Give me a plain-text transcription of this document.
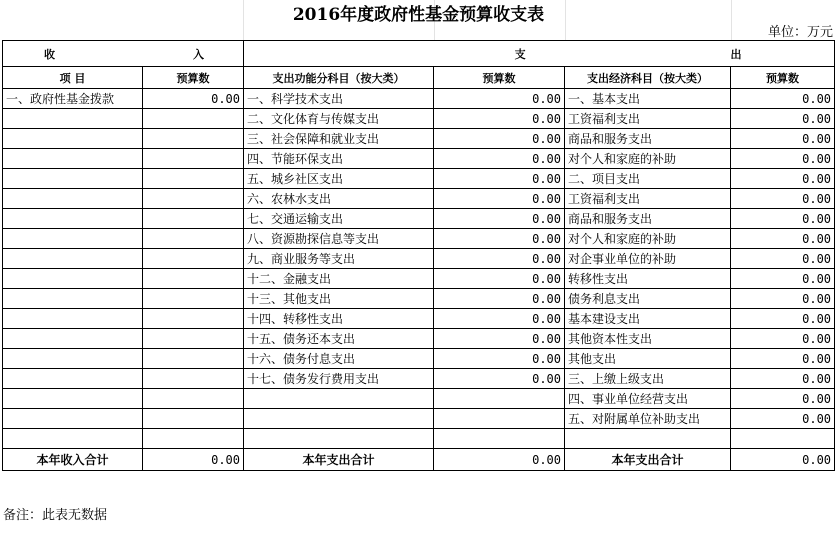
2016年度政府性基金预算收支表
单位：万元
收 入		支 出			
项 目	预算数	支出功能分科目（按大类）	预算数	支出经济科目（按大类）	预算数
一、政府性基金拨款	0.00	一、科学技术支出	0.00	一、基本支出	0.00
		二、文化体育与传媒支出	0.00	工资福利支出	0.00
		三、社会保障和就业支出	0.00	商品和服务支出	0.00
		四、节能环保支出	0.00	对个人和家庭的补助	0.00
		五、城乡社区支出	0.00	二、项目支出	0.00
		六、农林水支出	0.00	工资福利支出	0.00
		七、交通运输支出	0.00	商品和服务支出	0.00
		八、资源勘探信息等支出	0.00	对个人和家庭的补助	0.00
		九、商业服务等支出	0.00	对企事业单位的补助	0.00
		十二、金融支出	0.00	转移性支出	0.00
		十三、其他支出	0.00	债务利息支出	0.00
		十四、转移性支出	0.00	基本建设支出	0.00
		十五、债务还本支出	0.00	其他资本性支出	0.00
		十六、债务付息支出	0.00	其他支出	0.00
		十七、债务发行费用支出	0.00	三、上缴上级支出	0.00
				四、事业单位经营支出	0.00
				五、对附属单位补助支出	0.00

本年收入合计	0.00	本年支出合计	0.00	本年支出合计	0.00
备注：此表无数据
